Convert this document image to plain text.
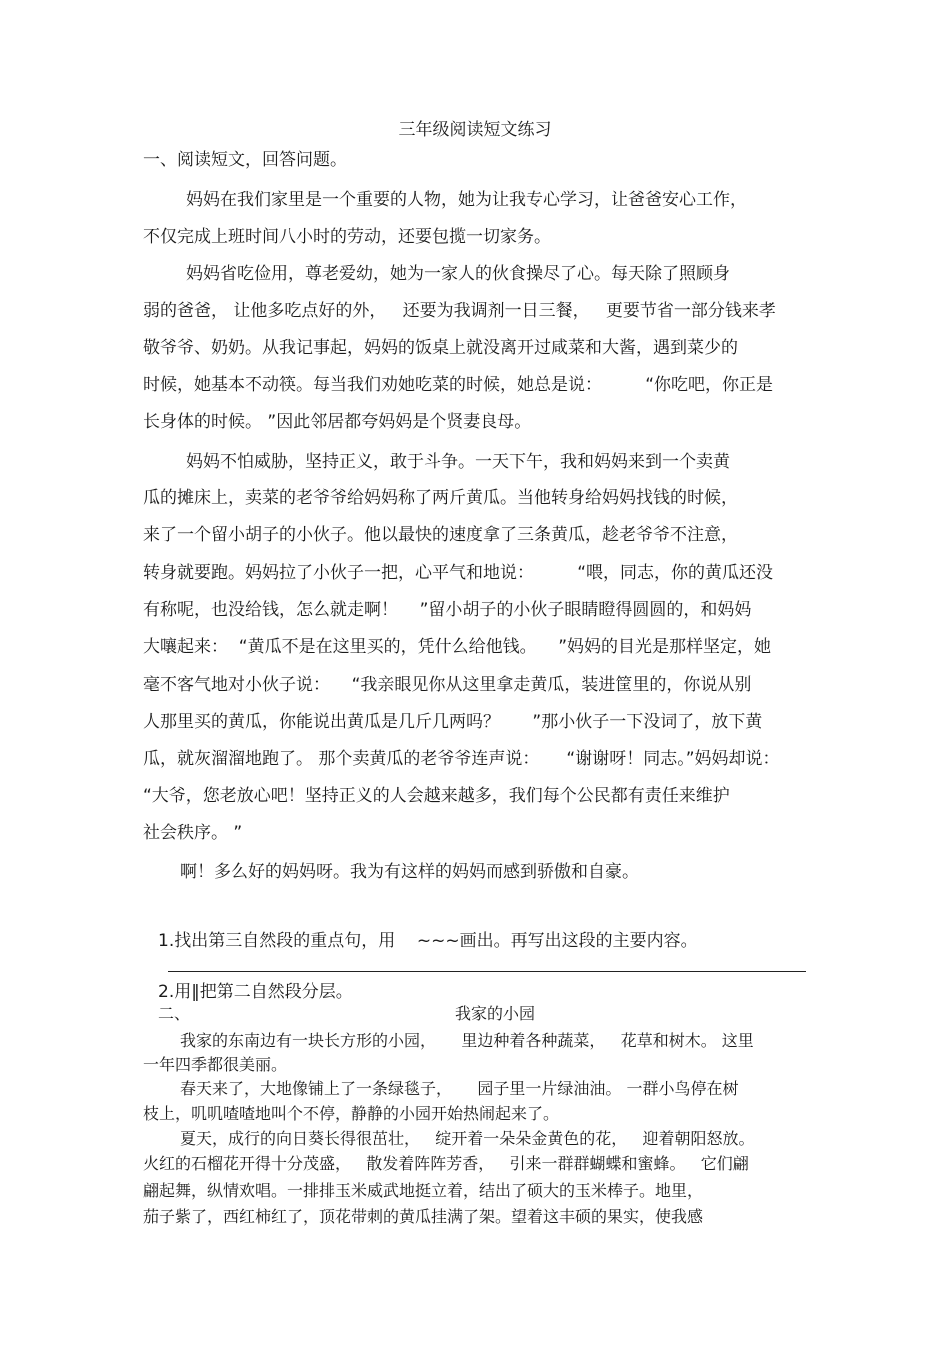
三年级阅读短文练习

一、阅读短文，回答问题。

妈妈在我们家里是一个重要的人物，她为让我专心学习，让爸爸安心工作，

不仅完成上班时间八小时的劳动，还要包揽一切家务。

妈妈省吃俭用，尊老爱幼，她为一家人的伙食操尽了心。每天除了照顾身

弱的爸爸， 让他多吃点好的外，   还要为我调剂一日三餐，   更要节省一部分钱来孝

敬爷爷、奶奶。从我记事起，妈妈的饭桌上就没离开过咸菜和大酱，遇到菜少的

时候，她基本不动筷。每当我们劝她吃菜的时候，她总是说：        “你吃吧，你正是

长身体的时候。 ”因此邻居都夸妈妈是个贤妻良母。

妈妈不怕威胁，坚持正义，敢于斗争。一天下午，我和妈妈来到一个卖黄

瓜的摊床上，卖菜的老爷爷给妈妈称了两斤黄瓜。当他转身给妈妈找钱的时候，

来了一个留小胡子的小伙子。他以最快的速度拿了三条黄瓜，趁老爷爷不注意，

转身就要跑。妈妈拉了小伙子一把，心平气和地说：        “喂，同志，你的黄瓜还没

有称呢，也没给钱，怎么就走啊！    ”留小胡子的小伙子眼睛瞪得圆圆的，和妈妈

大嚷起来：  “黄瓜不是在这里买的，凭什么给他钱。    ”妈妈的目光是那样坚定，她

毫不客气地对小伙子说：    “我亲眼见你从这里拿走黄瓜，装进筐里的，你说从别

人那里买的黄瓜，你能说出黄瓜是几斤几两吗？      ”那小伙子一下没词了，放下黄

瓜，就灰溜溜地跑了。 那个卖黄瓜的老爷爷连声说：     “谢谢呀！同志。”妈妈却说：

“大爷，您老放心吧！坚持正义的人会越来越多，我们每个公民都有责任来维护

社会秩序。 ”

啊！多么好的妈妈呀。我为有这样的妈妈而感到骄傲和自豪。

1.找出第三自然段的重点句，用    ~~~画出。再写出这段的主要内容。

2.用‖把第二自然段分层。

二、	我家的小园

我家的东南边有一块长方形的小园，     里边种着各种蔬菜，   花草和树木。 这里

一年四季都很美丽。

春天来了，大地像铺上了一条绿毯子，     园子里一片绿油油。 一群小鸟停在树

枝上，叽叽喳喳地叫个不停，静静的小园开始热闹起来了。

夏天，成行的向日葵长得很茁壮，   绽开着一朵朵金黄色的花，   迎着朝阳怒放。

火红的石榴花开得十分茂盛，   散发着阵阵芳香，   引来一群群蝴蝶和蜜蜂。   它们翩

翩起舞，纵情欢唱。一排排玉米威武地挺立着，结出了硕大的玉米棒子。地里，

茄子紫了，西红柿红了，顶花带刺的黄瓜挂满了架。望着这丰硕的果实，使我感
